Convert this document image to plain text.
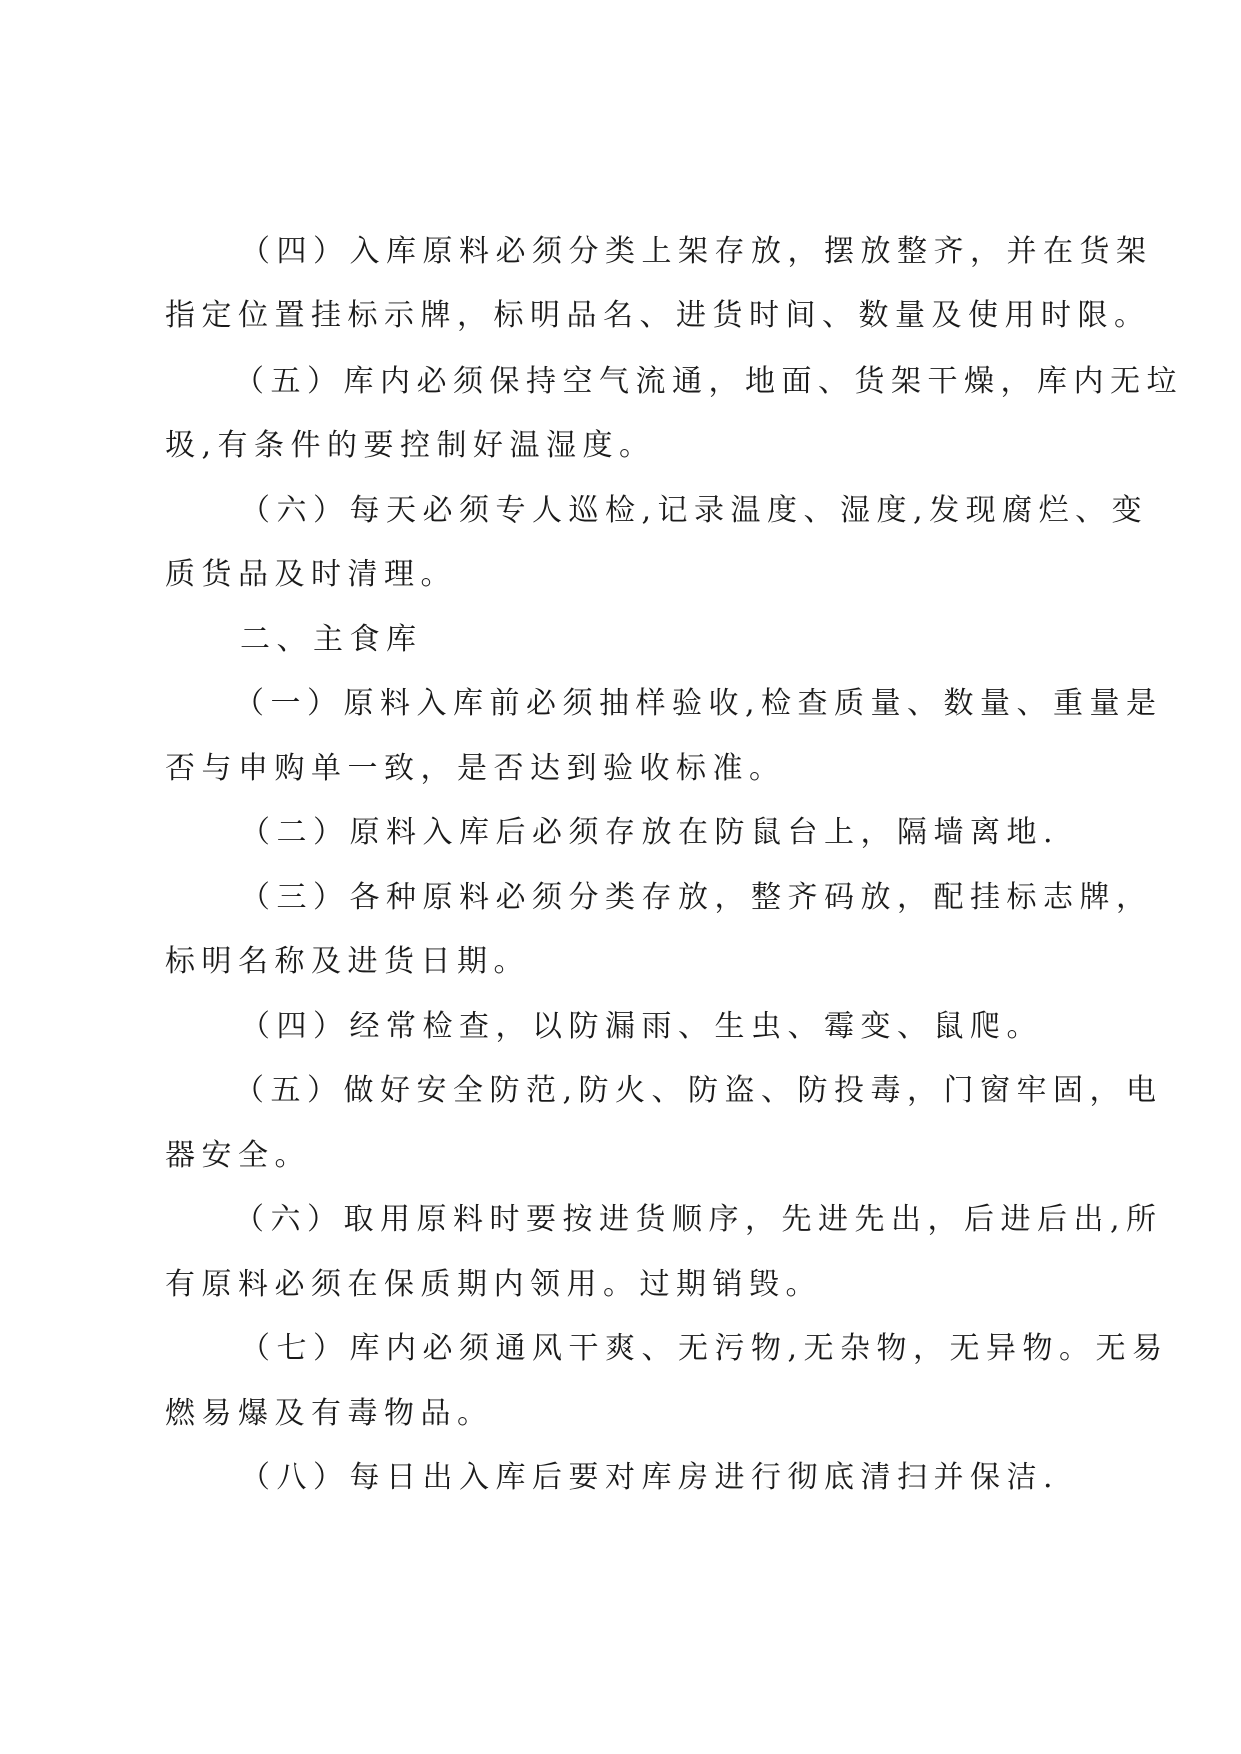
（四）入库原料必须分类上架存放，摆放整齐，并在货架
指定位置挂标示牌，标明品名、进货时间、数量及使用时限。
（五）库内必须保持空气流通，地面、货架干燥，库内无垃
圾,有条件的要控制好温湿度。
（六）每天必须专人巡检,记录温度、湿度,发现腐烂、变
质货品及时清理。
二、主食库
（一）原料入库前必须抽样验收,检查质量、数量、重量是
否与申购单一致，是否达到验收标准。
（二）原料入库后必须存放在防鼠台上，隔墙离地.
（三）各种原料必须分类存放，整齐码放，配挂标志牌，
标明名称及进货日期。
（四）经常检查，以防漏雨、生虫、霉变、鼠爬。
（五）做好安全防范,防火、防盗、防投毒，门窗牢固，电
器安全。
（六）取用原料时要按进货顺序，先进先出，后进后出,所
有原料必须在保质期内领用。过期销毁。
（七）库内必须通风干爽、无污物,无杂物，无异物。无易
燃易爆及有毒物品。
（八）每日出入库后要对库房进行彻底清扫并保洁.
